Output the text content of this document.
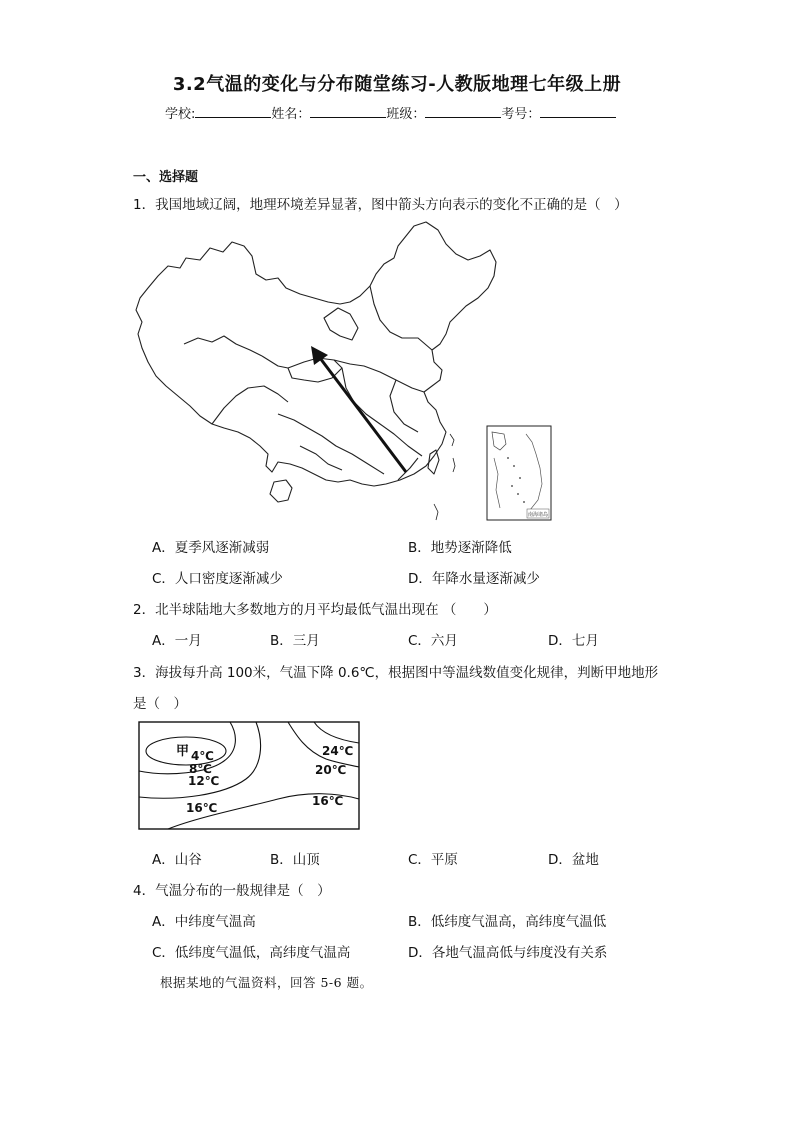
3.2气温的变化与分布随堂练习-人教版地理七年级上册
学校:	姓名：	班级：	考号：
一、选择题
1．我国地域辽阔，地理环境差异显著，图中箭头方向表示的变化不正确的是（　）
南海诸岛
A．夏季风逐渐减弱	B．地势逐渐降低
C．人口密度逐渐减少	D．年降水量逐渐减少
2．北半球陆地大多数地方的月平均最低气温出现在 （　　）
A．一月	B．三月	C．六月	D．七月
3．海拔每升高 100米，气温下降 0.6℃，根据图中等温线数值变化规律，判断甲地地形
是（　）
甲 4℃
8℃
12℃
16℃
24℃
20℃
16℃
A．山谷	B．山顶	C．平原	D．盆地
4．气温分布的一般规律是（　）
A．中纬度气温高	B．低纬度气温高，高纬度气温低
C．低纬度气温低，高纬度气温高	D．各地气温高低与纬度没有关系
根据某地的气温资料，回答 5-6 题。
